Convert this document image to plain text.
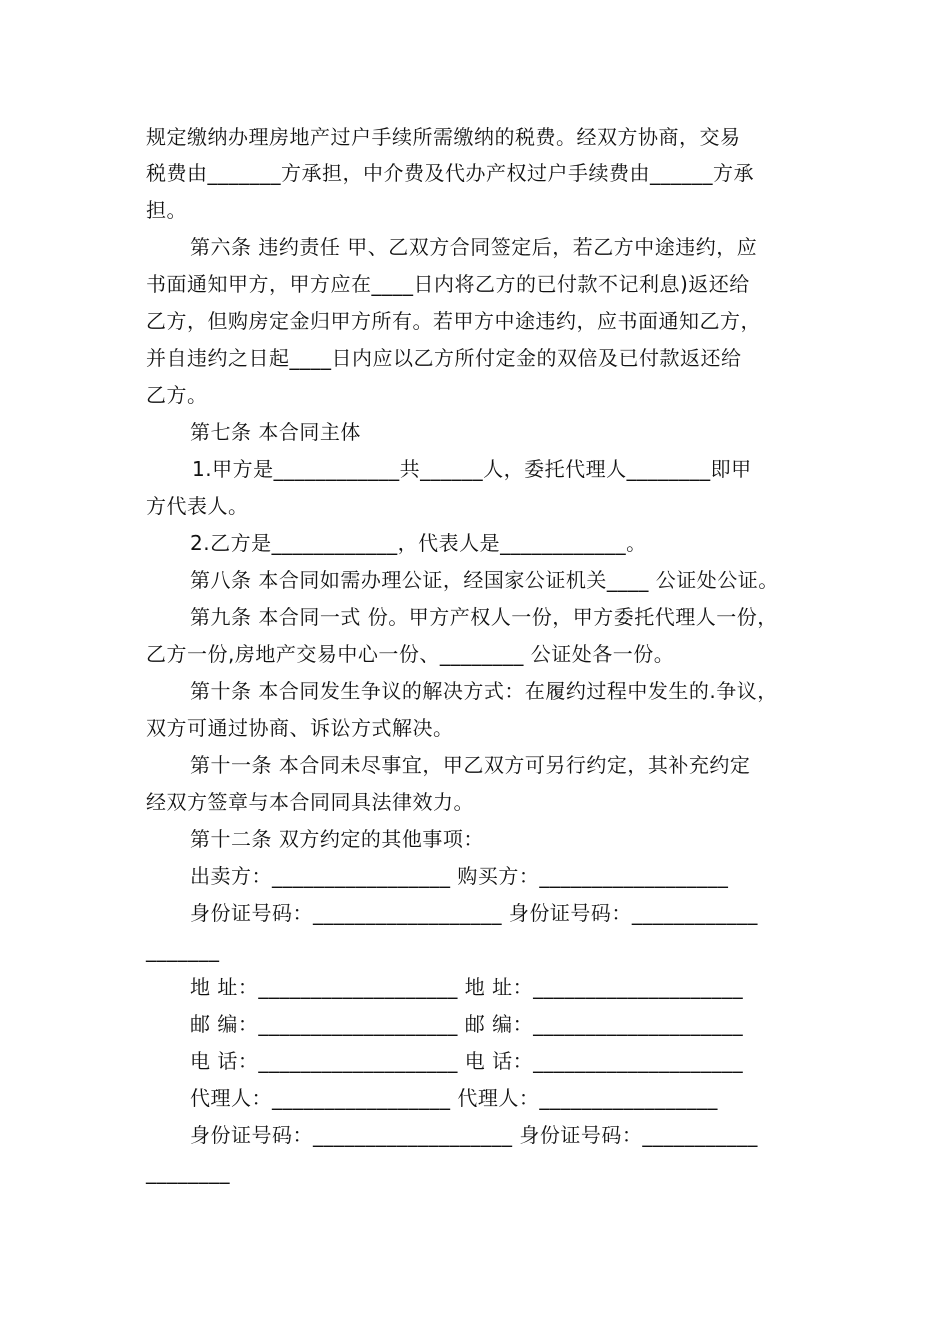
规定缴纳办理房地产过户手续所需缴纳的税费。经双方协商，交易
税费由_______方承担，中介费及代办产权过户手续费由______方承
担。
第六条 违约责任 甲、乙双方合同签定后，若乙方中途违约，应
书面通知甲方，甲方应在____日内将乙方的已付款不记利息)返还给
乙方，但购房定金归甲方所有。若甲方中途违约，应书面通知乙方，
并自违约之日起____日内应以乙方所付定金的双倍及已付款返还给
乙方。
第七条 本合同主体
1.甲方是____________共______人，委托代理人________即甲
方代表人。
2.乙方是____________，代表人是____________。
第八条 本合同如需办理公证，经国家公证机关____ 公证处公证。
第九条 本合同一式 份。甲方产权人一份，甲方委托代理人一份，
乙方一份,房地产交易中心一份、________ 公证处各一份。
第十条 本合同发生争议的解决方式：在履约过程中发生的.争议，
双方可通过协商、诉讼方式解决。
第十一条 本合同未尽事宜，甲乙双方可另行约定，其补充约定
经双方签章与本合同同具法律效力。
第十二条 双方约定的其他事项：
出卖方：_________________ 购买方：__________________
身份证号码：__________________ 身份证号码：____________
_______
地 址：___________________ 地 址：____________________
邮 编：___________________ 邮 编：____________________
电 话：___________________ 电 话：____________________
代理人：_________________ 代理人：_________________
身份证号码：___________________ 身份证号码：___________
________
